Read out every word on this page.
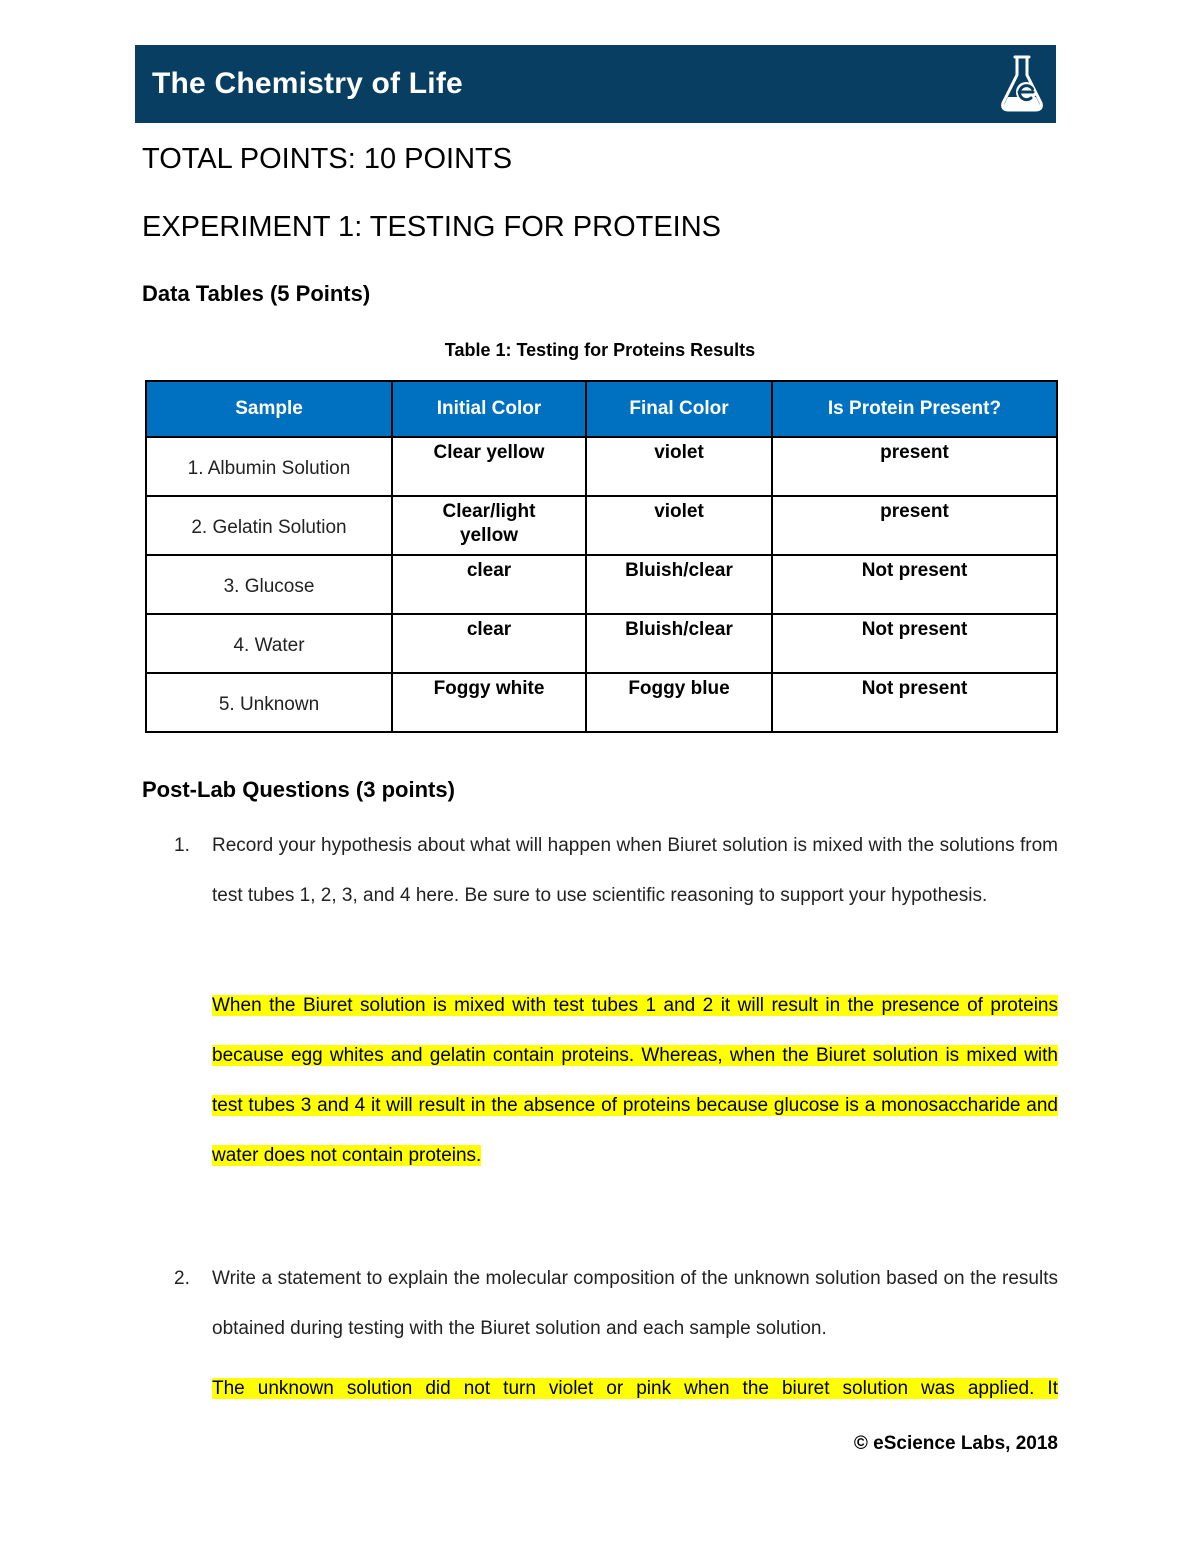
The Chemistry of Life
TOTAL POINTS: 10 POINTS
EXPERIMENT 1: TESTING FOR PROTEINS
Data Tables (5 Points)
Table 1: Testing for Proteins Results
Sample	Initial Color	Final Color	Is Protein Present?
1. Albumin Solution	Clear yellow	violet	present
2. Gelatin Solution	Clear/light yellow	violet	present
3. Glucose	clear	Bluish/clear	Not present
4. Water	clear	Bluish/clear	Not present
5. Unknown	Foggy white	Foggy blue	Not present
Post-Lab Questions (3 points)
1. Record your hypothesis about what will happen when Biuret solution is mixed with the solutions from test tubes 1, 2, 3, and 4 here. Be sure to use scientific reasoning to support your hypothesis.
When the Biuret solution is mixed with test tubes 1 and 2 it will result in the presence of proteins because egg whites and gelatin contain proteins. Whereas, when the Biuret solution is mixed with test tubes 3 and 4 it will result in the absence of proteins because glucose is a monosaccharide and water does not contain proteins.
2. Write a statement to explain the molecular composition of the unknown solution based on the results obtained during testing with the Biuret solution and each sample solution.
The unknown solution did not turn violet or pink when the biuret solution was applied. It
© eScience Labs, 2018
